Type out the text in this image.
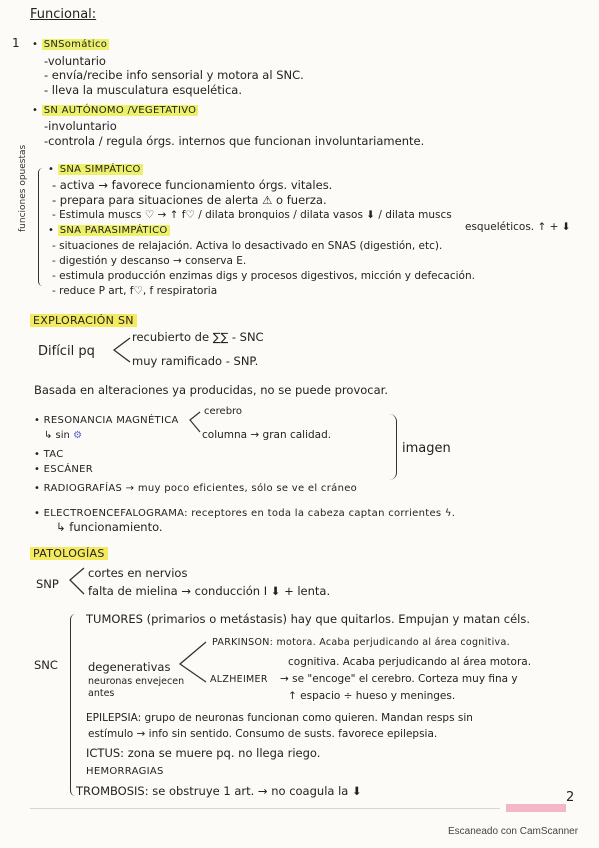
Funcional:
1 • SNSomático
-voluntario
- envía/recibe info sensorial y motora al SNC.
- lleva la musculatura esquelética.
• SN AUTÓNOMO /VEGETATIVO
-involuntario
-controla / regula órgs. internos que funcionan involuntariamente.
funciones opuestas • SNA SIMPÁTICO
- activa → favorece funcionamiento órgs. vitales.
- prepara para situaciones de alerta ⚠ o fuerza.
- Estimula muscs ♡ → ↑ f♡ / dilata bronquios / dilata vasos ⬇ / dilata muscs
esqueléticos. ↑ + ⬇
• SNA PARASIMPÁTICO
- situaciones de relajación. Activa lo desactivado en SNAS (digestión, etc).
- digestión y descanso → conserva E.
- estimula producción enzimas digs y procesos digestivos, micción y defecación.
- reduce P art, f♡, f respiratoria
EXPLORACIÓN SN
Difícil pq
recubierto de ∑∑ - SNC
muy ramificado - SNP.
Basada en alteraciones ya producidas, no se puede provocar.
• RESONANCIA MAGNÉTICA
↳ sin ⚙
cerebro
columna → gran calidad.
• TAC
• ESCÁNER
imagen
• RADIOGRAFÍAS → muy poco eficientes, sólo se ve el cráneo
• ELECTROENCEFALOGRAMA: receptores en toda la cabeza captan corrientes ϟ.
↳ funcionamiento.
PATOLOGÍAS
SNP
cortes en nervios
falta de mielina → conducción I ⬇ + lenta.
SNC
TUMORES (primarios o metástasis) hay que quitarlos. Empujan y matan céls.
degenerativas
neuronas envejecen
antes
PARKINSON: motora. Acaba perjudicando al área cognitiva.
cognitiva. Acaba perjudicando al área motora.
ALZHEIMER → se "encoge" el cerebro. Corteza muy fina y
↑ espacio ÷ hueso y meninges.
EPILEPSIA: grupo de neuronas funcionan como quieren. Mandan resps sin
estímulo → info sin sentido. Consumo de susts. favorece epilepsia.
ICTUS: zona se muere pq. no llega riego.
HEMORRAGIAS
TROMBOSIS: se obstruye 1 art. → no coagula la ⬇	2
Escaneado con CamScanner
